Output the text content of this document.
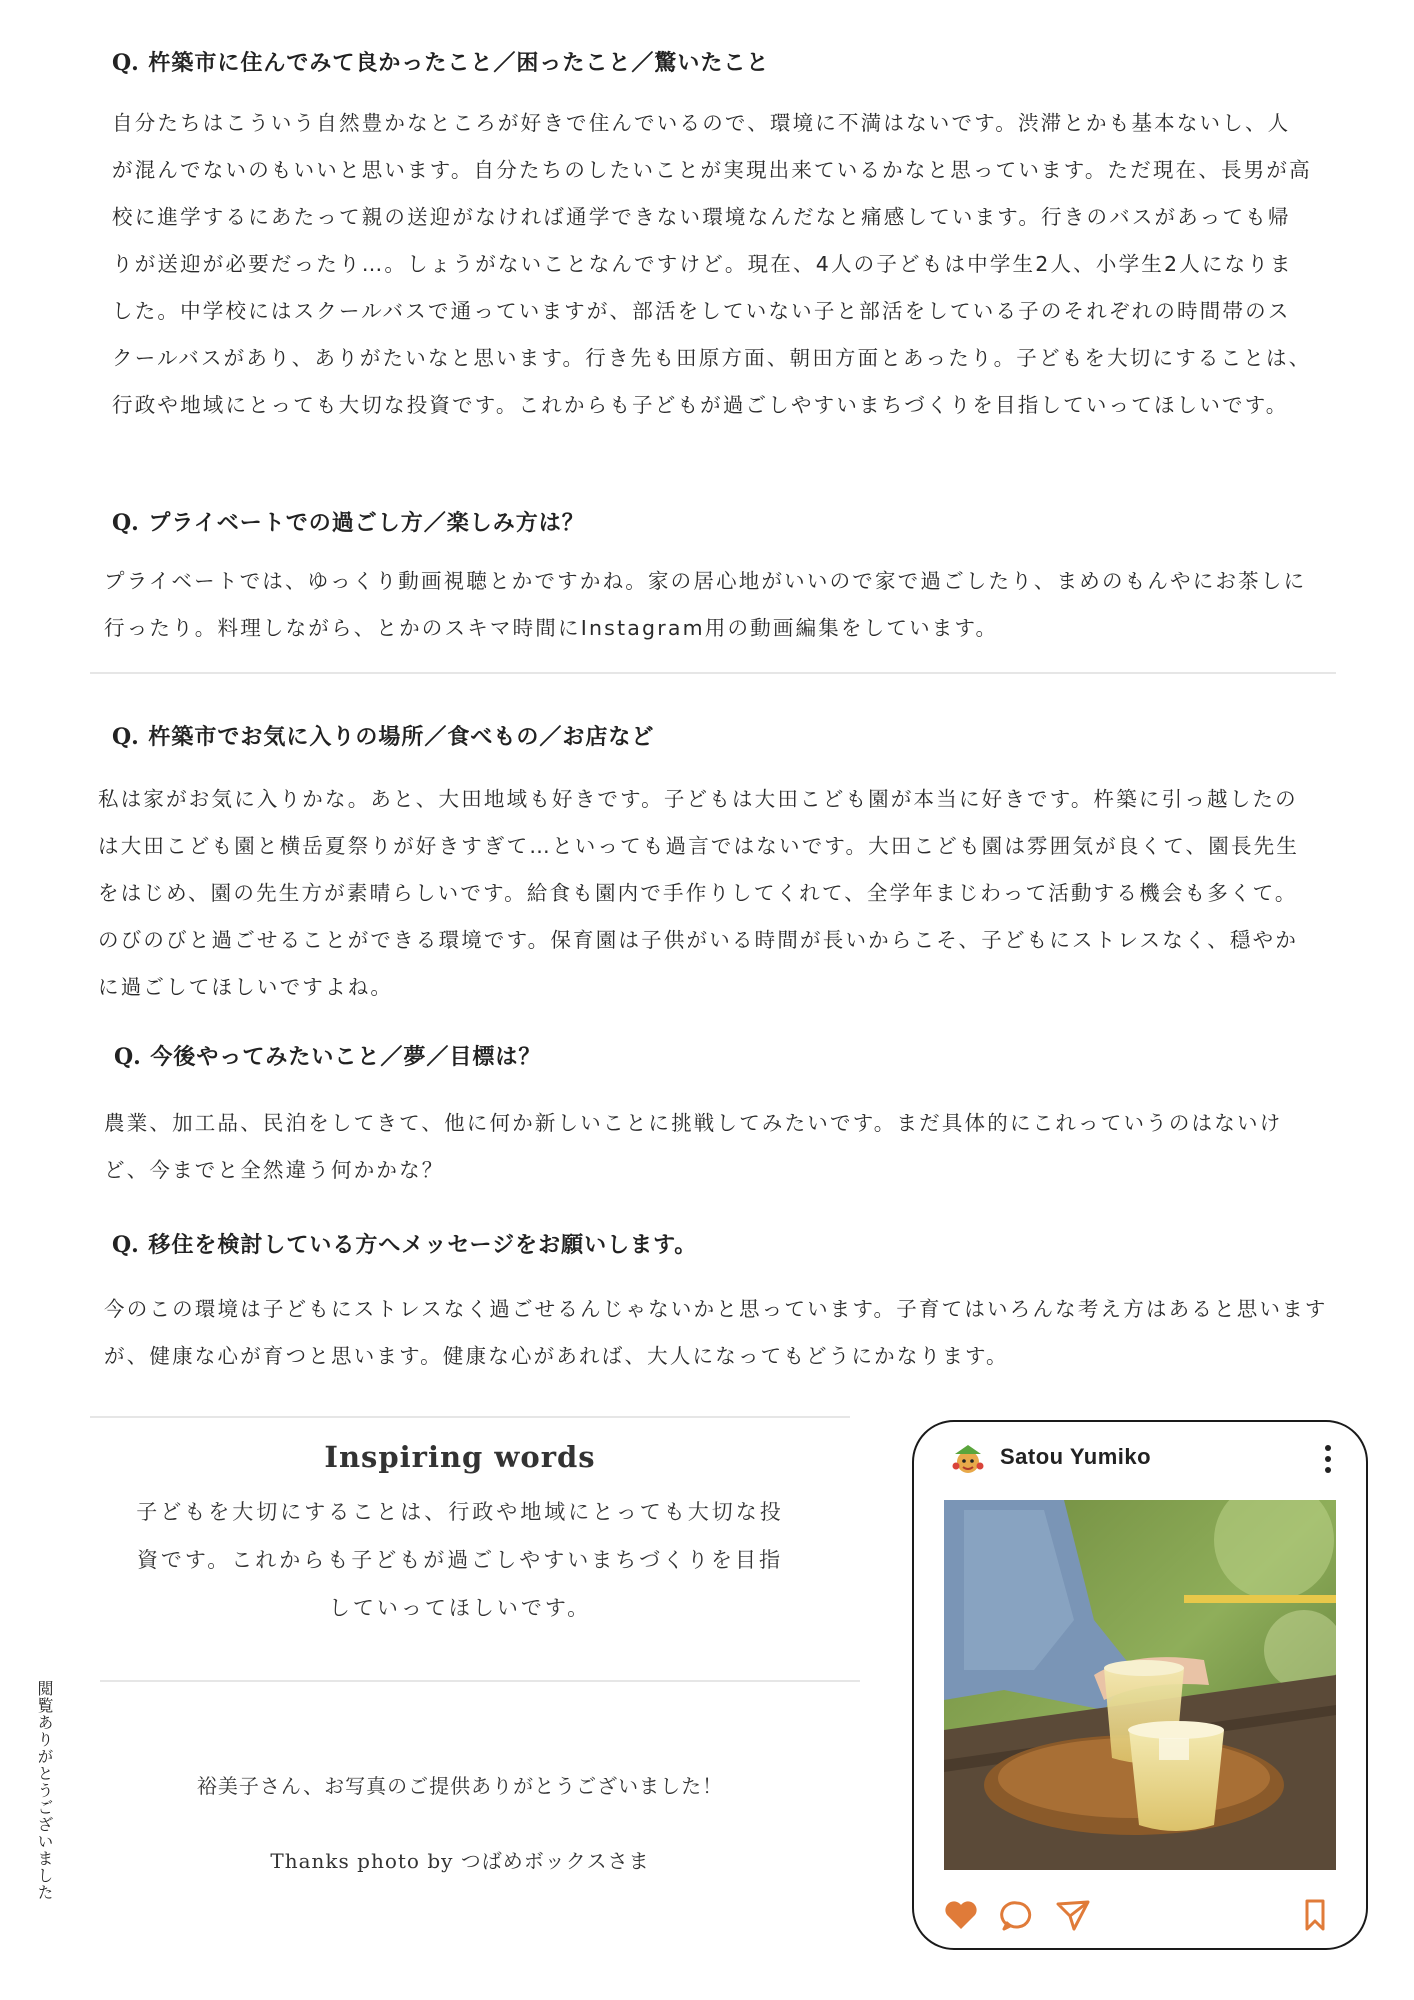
Q. 杵築市に住んでみて良かったこと／困ったこと／驚いたこと

自分たちはこういう自然豊かなところが好きで住んでいるので、環境に不満はないです。渋滞とかも基本ないし、人が混んでないのもいいと思います。自分たちのしたいことが実現出来ているかなと思っています。ただ現在、長男が高校に進学するにあたって親の送迎がなければ通学できない環境なんだなと痛感しています。行きのバスがあっても帰りが送迎が必要だったり…。しょうがないことなんですけど。現在、4人の子どもは中学生2人、小学生2人になりました。中学校にはスクールバスで通っていますが、部活をしていない子と部活をしている子のそれぞれの時間帯のスクールバスがあり、ありがたいなと思います。行き先も田原方面、朝田方面とあったり。子どもを大切にすることは、行政や地域にとっても大切な投資です。これからも子どもが過ごしやすいまちづくりを目指していってほしいです。

Q. プライベートでの過ごし方／楽しみ方は？

プライベートでは、ゆっくり動画視聴とかですかね。家の居心地がいいので家で過ごしたり、まめのもんやにお茶しに行ったり。料理しながら、とかのスキマ時間にInstagram用の動画編集をしています。

Q. 杵築市でお気に入りの場所／食べもの／お店など

私は家がお気に入りかな。あと、大田地域も好きです。子どもは大田こども園が本当に好きです。杵築に引っ越したのは大田こども園と横岳夏祭りが好きすぎて…といっても過言ではないです。大田こども園は雰囲気が良くて、園長先生をはじめ、園の先生方が素晴らしいです。給食も園内で手作りしてくれて、全学年まじわって活動する機会も多くて。のびのびと過ごせることができる環境です。保育園は子供がいる時間が長いからこそ、子どもにストレスなく、穏やかに過ごしてほしいですよね。

Q. 今後やってみたいこと／夢／目標は？

農業、加工品、民泊をしてきて、他に何か新しいことに挑戦してみたいです。まだ具体的にこれっていうのはないけど、今までと全然違う何かかな？

Q. 移住を検討している方へメッセージをお願いします。

今のこの環境は子どもにストレスなく過ごせるんじゃないかと思っています。子育てはいろんな考え方はあると思いますが、健康な心が育つと思います。健康な心があれば、大人になってもどうにかなります。

Inspiring words

子どもを大切にすることは、行政や地域にとっても大切な投資です。これからも子どもが過ごしやすいまちづくりを目指していってほしいです。

裕美子さん、お写真のご提供ありがとうございました！

Thanks photo by つばめボックスさま

閲覧ありがとうございました
Satou Yumiko
